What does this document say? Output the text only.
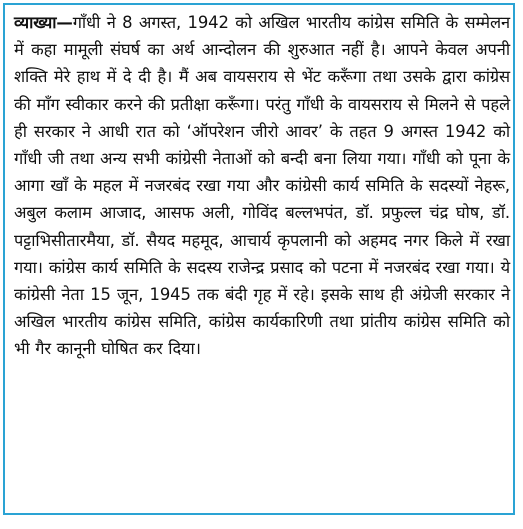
व्याख्या—गाँधी ने 8 अगस्त, 1942 को अखिल भारतीय कांग्रेस समिति के सम्मेलन में कहा मामूली संघर्ष का अर्थ आन्दोलन की शुरुआत नहीं है। आपने केवल अपनी शक्ति मेरे हाथ में दे दी है। मैं अब वायसराय से भेंट करूँगा तथा उसके द्वारा कांग्रेस की माँग स्वीकार करने की प्रतीक्षा करूँगा। परंतु गाँधी के वायसराय से मिलने से पहले ही सरकार ने आधी रात को ‘ऑपरेशन जीरो आवर’ के तहत 9 अगस्त 1942 को गाँधी जी तथा अन्य सभी कांग्रेसी नेताओं को बन्दी बना लिया गया। गाँधी को पूना के आगा खाँ के महल में नजरबंद रखा गया और कांग्रेसी कार्य समिति के सदस्यों नेहरू, अबुल कलाम आजाद, आसफ अली, गोविंद बल्लभपंत, डॉ. प्रफुल्ल चंद्र घोष, डॉ. पट्टाभिसीतारमैया, डॉ. सैयद महमूद, आचार्य कृपलानी को अहमद नगर किले में रखा गया। कांग्रेस कार्य समिति के सदस्य राजेन्द्र प्रसाद को पटना में नजरबंद रखा गया। ये कांग्रेसी नेता 15 जून, 1945 तक बंदी गृह में रहे। इसके साथ ही अंग्रेजी सरकार ने अखिल भारतीय कांग्रेस समिति, कांग्रेस कार्यकारिणी तथा प्रांतीय कांग्रेस समिति को भी गैर कानूनी घोषित कर दिया।
